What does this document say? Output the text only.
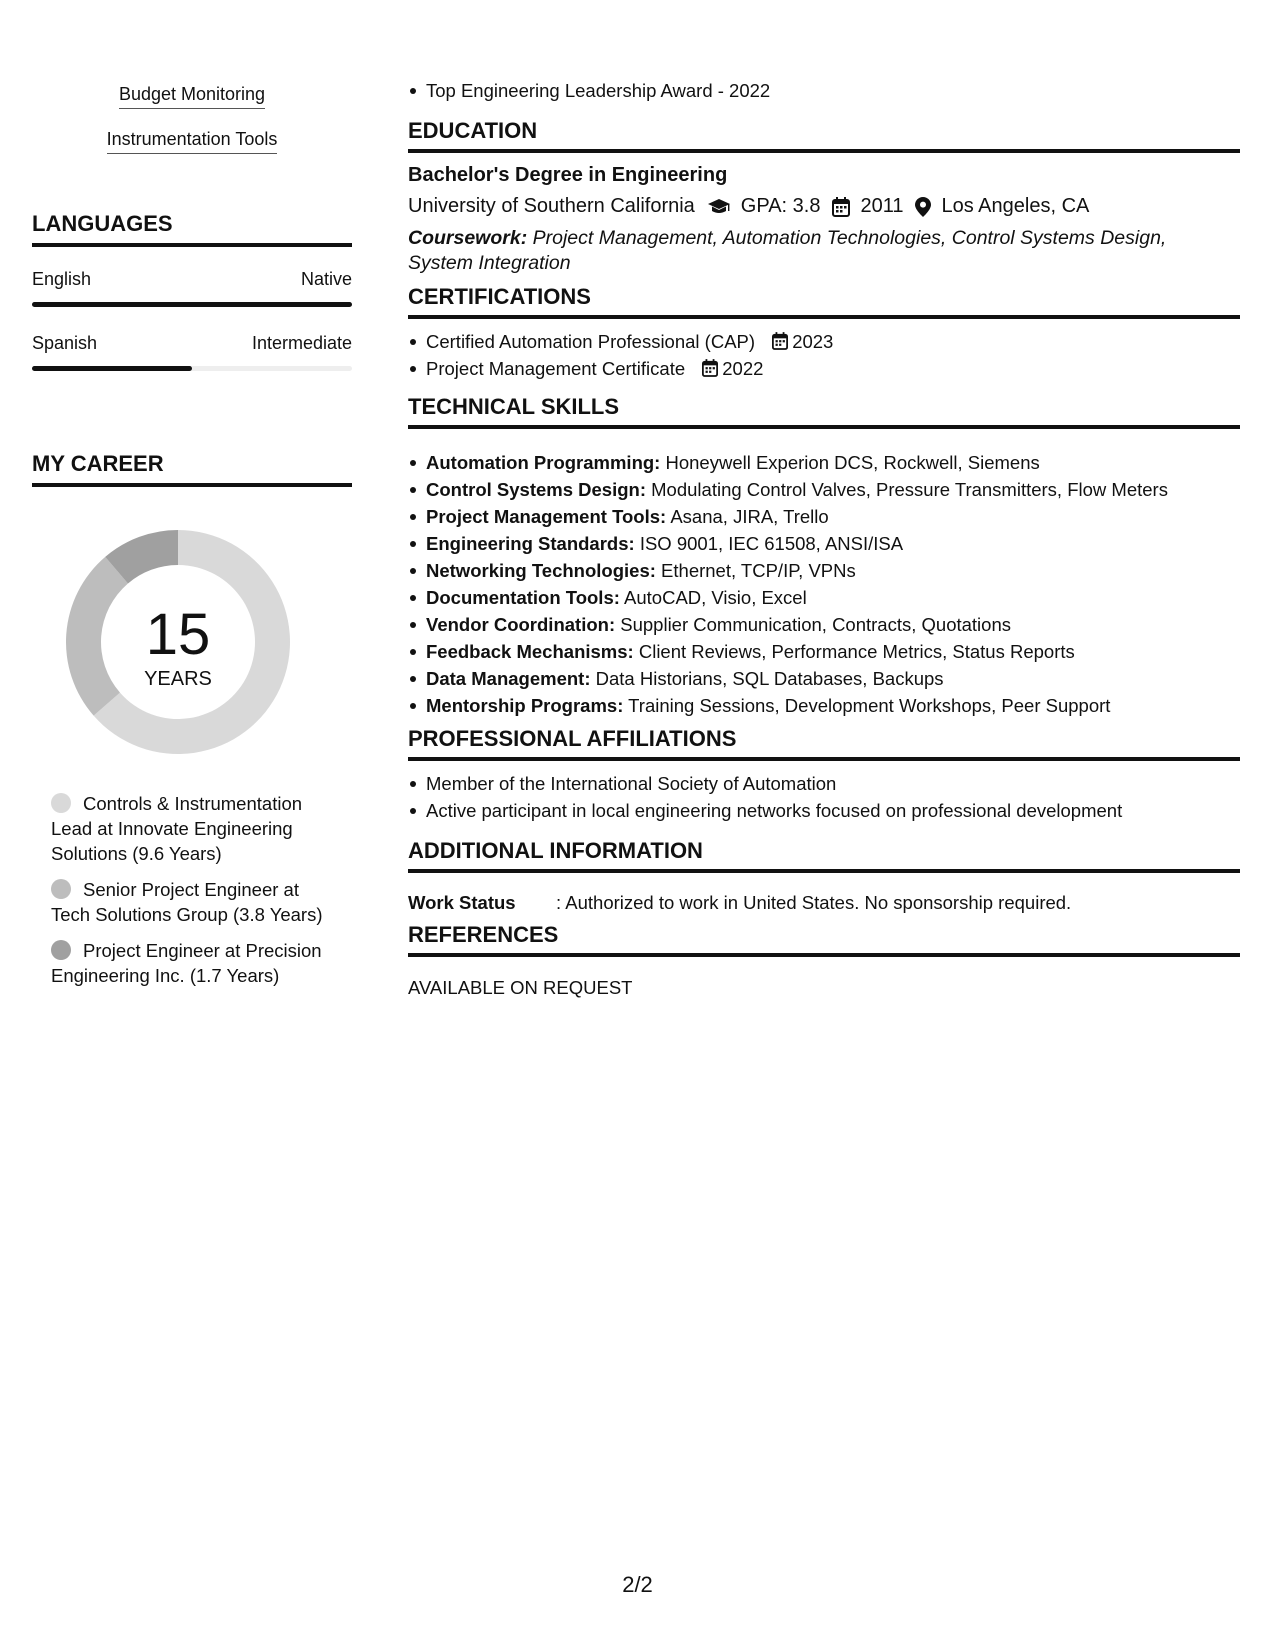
Budget Monitoring
Instrumentation Tools
LANGUAGES
English	Native
Spanish	Intermediate
MY CAREER
15
YEARS
Controls & Instrumentation Lead at Innovate Engineering Solutions (9.6 Years)
Senior Project Engineer at Tech Solutions Group (3.8 Years)
Project Engineer at Precision Engineering Inc. (1.7 Years)
Top Engineering Leadership Award - 2022
EDUCATION
Bachelor's Degree in Engineering
University of Southern California GPA: 3.8 2011 Los Angeles, CA
Coursework: Project Management, Automation Technologies, Control Systems Design, System Integration
CERTIFICATIONS
Certified Automation Professional (CAP) 2023
Project Management Certificate 2022
TECHNICAL SKILLS
Automation Programming: Honeywell Experion DCS, Rockwell, Siemens
Control Systems Design: Modulating Control Valves, Pressure Transmitters, Flow Meters
Project Management Tools: Asana, JIRA, Trello
Engineering Standards: ISO 9001, IEC 61508, ANSI/ISA
Networking Technologies: Ethernet, TCP/IP, VPNs
Documentation Tools: AutoCAD, Visio, Excel
Vendor Coordination: Supplier Communication, Contracts, Quotations
Feedback Mechanisms: Client Reviews, Performance Metrics, Status Reports
Data Management: Data Historians, SQL Databases, Backups
Mentorship Programs: Training Sessions, Development Workshops, Peer Support
PROFESSIONAL AFFILIATIONS
Member of the International Society of Automation
Active participant in local engineering networks focused on professional development
ADDITIONAL INFORMATION
Work Status	: Authorized to work in United States. No sponsorship required.
REFERENCES
AVAILABLE ON REQUEST
2/2
